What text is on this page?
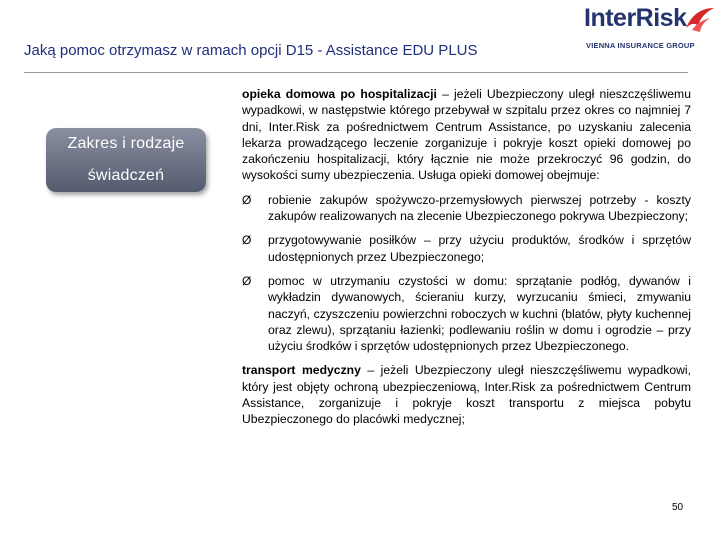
Jaką pomoc otrzymasz w ramach opcji D15 - Assistance EDU PLUS
InterRisk
VIENNA INSURANCE GROUP
Zakres i rodzaje
świadczeń

opieka domowa po hospitalizacji – jeżeli Ubezpieczony uległ nieszczęśliwemu wypadkowi, w następstwie którego przebywał w szpitalu przez okres co najmniej 7 dni, Inter.Risk za pośrednictwem Centrum Assistance, po uzyskaniu zalecenia lekarza prowadzącego leczenie zorganizuje i pokryje koszt opieki domowej po zakończeniu hospitalizacji, który łącznie nie może przekroczyć 96 godzin, do wysokości sumy ubezpieczenia. Usługa opieki domowej obejmuje:

Ø robienie zakupów spożywczo-przemysłowych pierwszej potrzeby - koszty zakupów realizowanych na zlecenie Ubezpieczonego pokrywa Ubezpieczony;
Ø przygotowywanie posiłków – przy użyciu produktów, środków i sprzętów udostępnionych przez Ubezpieczonego;
Ø pomoc w utrzymaniu czystości w domu: sprzątanie podłóg, dywanów i wykładzin dywanowych, ścieraniu kurzy, wyrzucaniu śmieci, zmywaniu naczyń, czyszczeniu powierzchni roboczych w kuchni (blatów, płyty kuchennej oraz zlewu), sprzątaniu łazienki; podlewaniu roślin w domu i ogrodzie – przy użyciu środków i sprzętów udostępnionych przez Ubezpieczonego.

transport medyczny – jeżeli Ubezpieczony uległ nieszczęśliwemu wypadkowi, który jest objęty ochroną ubezpieczeniową, Inter.Risk za pośrednictwem Centrum Assistance, zorganizuje i pokryje koszt transportu z miejsca pobytu Ubezpieczonego do placówki medycznej;

50
